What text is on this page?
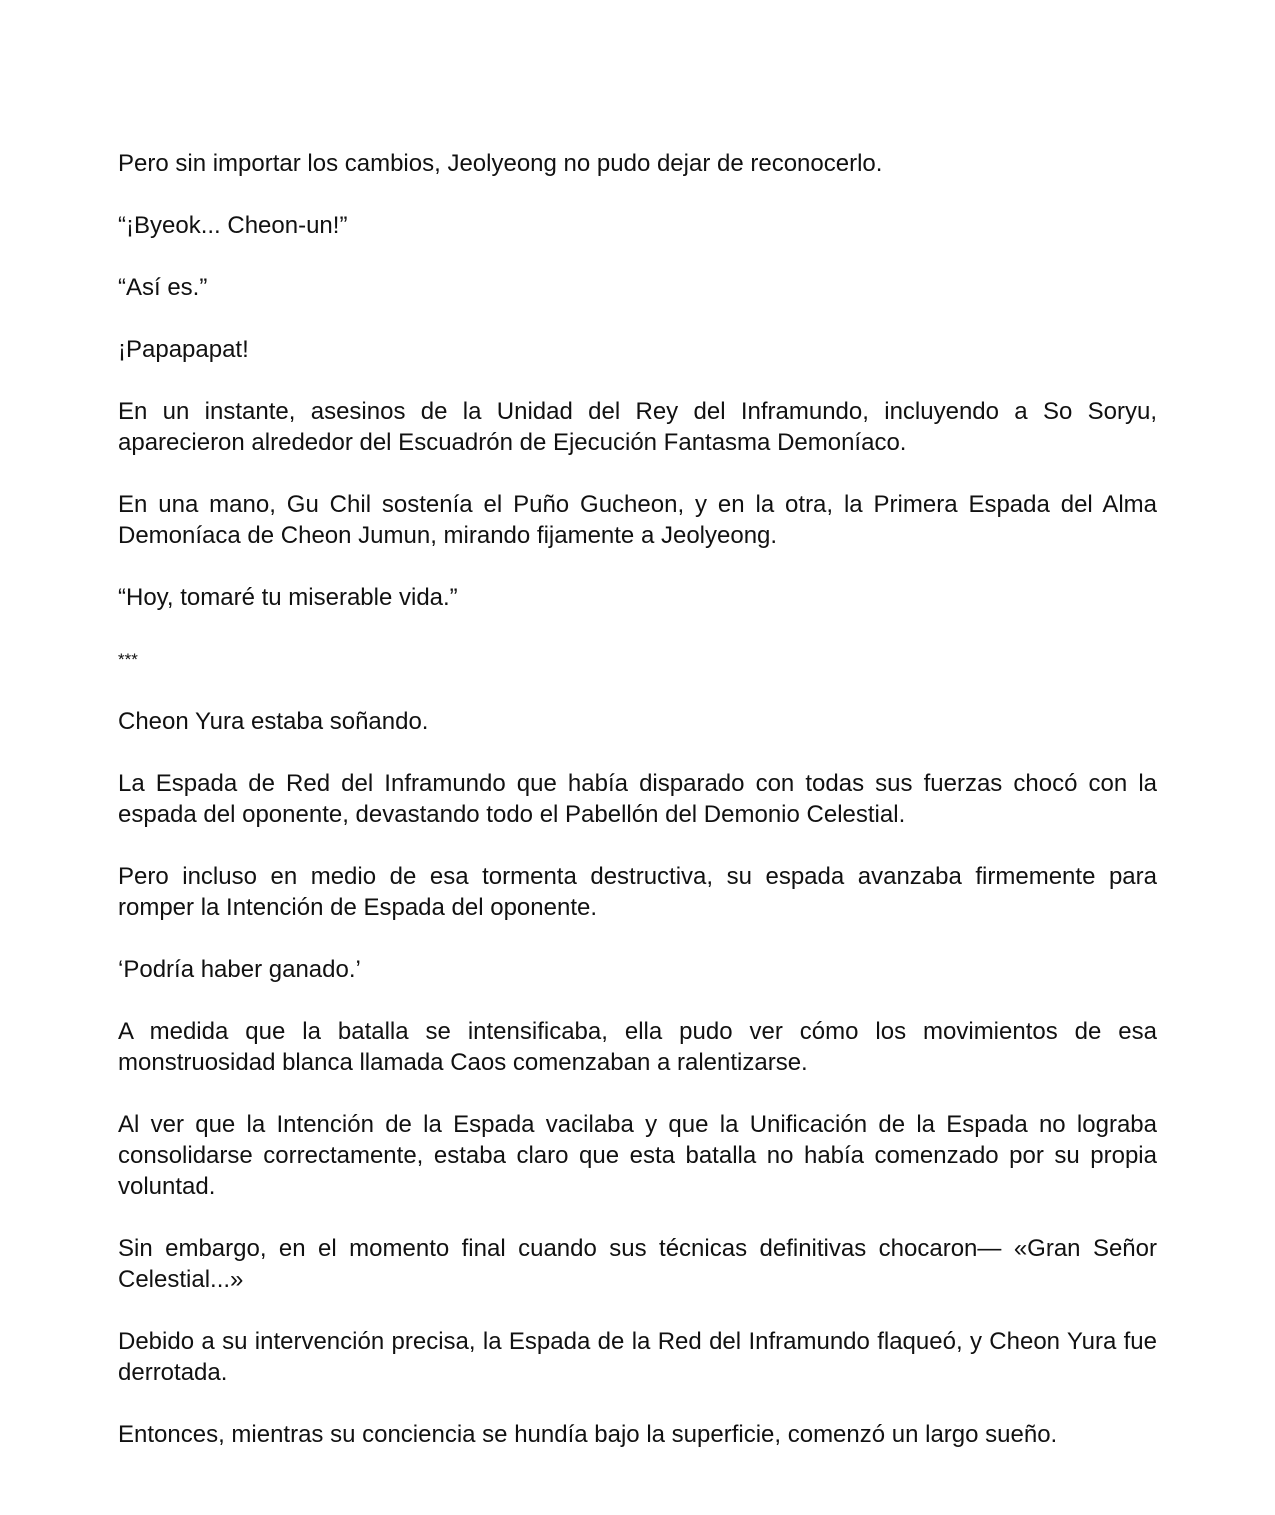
Pero sin importar los cambios, Jeolyeong no pudo dejar de reconocerlo.

“¡Byeok... Cheon-un!”

“Así es.”

¡Papapapat!

En un instante, asesinos de la Unidad del Rey del Inframundo, incluyendo a So Soryu, aparecieron alrededor del Escuadrón de Ejecución Fantasma Demoníaco.

En una mano, Gu Chil sostenía el Puño Gucheon, y en la otra, la Primera Espada del Alma Demoníaca de Cheon Jumun, mirando fijamente a Jeolyeong.

“Hoy, tomaré tu miserable vida.”

***

Cheon Yura estaba soñando.

La Espada de Red del Inframundo que había disparado con todas sus fuerzas chocó con la espada del oponente, devastando todo el Pabellón del Demonio Celestial.

Pero incluso en medio de esa tormenta destructiva, su espada avanzaba firmemente para romper la Intención de Espada del oponente.

‘Podría haber ganado.’

A medida que la batalla se intensificaba, ella pudo ver cómo los movimientos de esa monstruosidad blanca llamada Caos comenzaban a ralentizarse.

Al ver que la Intención de la Espada vacilaba y que la Unificación de la Espada no lograba consolidarse correctamente, estaba claro que esta batalla no había comenzado por su propia voluntad.

Sin embargo, en el momento final cuando sus técnicas definitivas chocaron— «Gran Señor Celestial...»

Debido a su intervención precisa, la Espada de la Red del Inframundo flaqueó, y Cheon Yura fue derrotada.

Entonces, mientras su conciencia se hundía bajo la superficie, comenzó un largo sueño.
